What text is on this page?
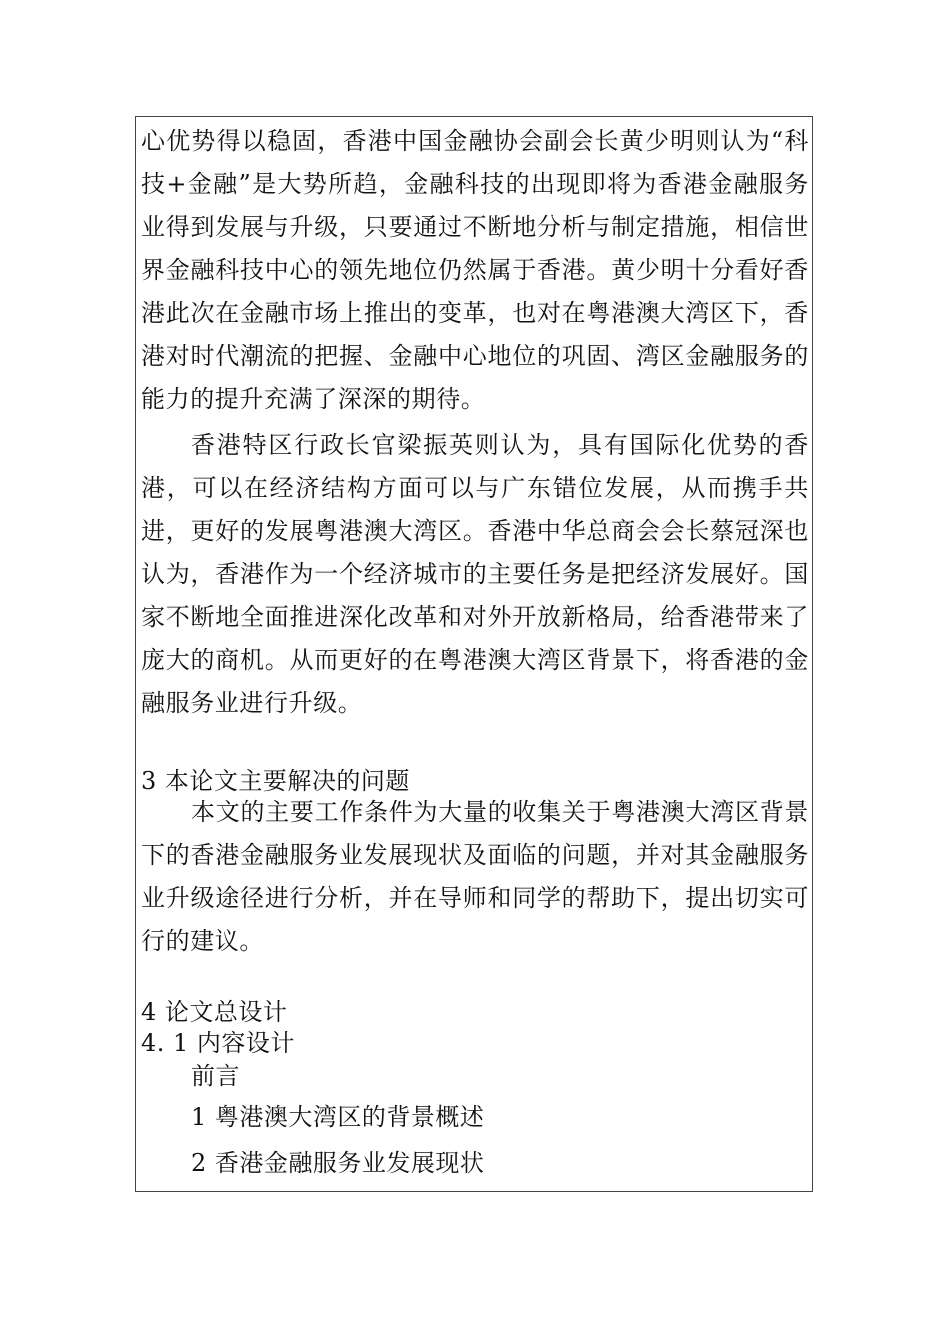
心优势得以稳固，香港中国金融协会副会长黄少明则认为“科技+金融”是大势所趋，金融科技的出现即将为香港金融服务业得到发展与升级，只要通过不断地分析与制定措施，相信世界金融科技中心的领先地位仍然属于香港。黄少明十分看好香港此次在金融市场上推出的变革，也对在粤港澳大湾区下，香港对时代潮流的把握、金融中心地位的巩固、湾区金融服务的能力的提升充满了深深的期待。

香港特区行政长官梁振英则认为，具有国际化优势的香港，可以在经济结构方面可以与广东错位发展，从而携手共进，更好的发展粤港澳大湾区。香港中华总商会会长蔡冠深也认为，香港作为一个经济城市的主要任务是把经济发展好。国家不断地全面推进深化改革和对外开放新格局，给香港带来了庞大的商机。从而更好的在粤港澳大湾区背景下，将香港的金融服务业进行升级。

3 本论文主要解决的问题

本文的主要工作条件为大量的收集关于粤港澳大湾区背景下的香港金融服务业发展现状及面临的问题，并对其金融服务业升级途径进行分析，并在导师和同学的帮助下，提出切实可行的建议。

4 论文总设计
4. 1 内容设计
前言
1 粤港澳大湾区的背景概述
2 香港金融服务业发展现状
